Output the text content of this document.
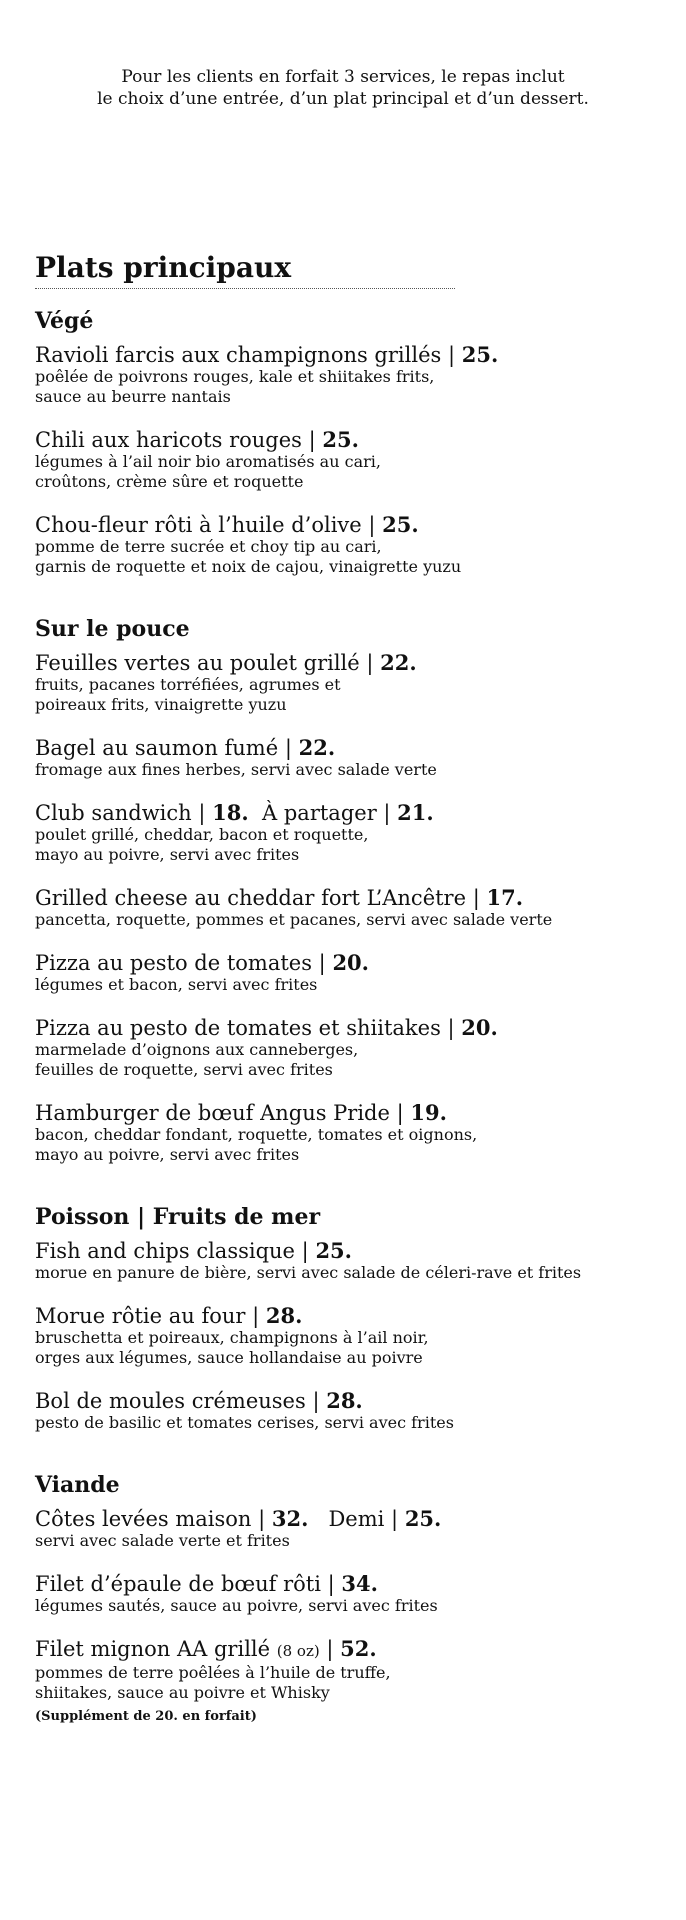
Pour les clients en forfait 3 services, le repas inclut
le choix d’une entrée, d’un plat principal et d’un dessert.
Plats principaux
Végé
Ravioli farcis aux champignons grillés | 25.
poêlée de poivrons rouges, kale et shiitakes frits,
sauce au beurre nantais
Chili aux haricots rouges | 25.
légumes à l’ail noir bio aromatisés au cari,
croûtons, crème sûre et roquette
Chou-fleur rôti à l’huile d’olive | 25.
pomme de terre sucrée et choy tip au cari,
garnis de roquette et noix de cajou, vinaigrette yuzu
Sur le pouce
Feuilles vertes au poulet grillé | 22.
fruits, pacanes torréfiées, agrumes et
poireaux frits, vinaigrette yuzu
Bagel au saumon fumé | 22.
fromage aux fines herbes, servi avec salade verte
Club sandwich | 18. À partager | 21.
poulet grillé, cheddar, bacon et roquette,
mayo au poivre, servi avec frites
Grilled cheese au cheddar fort L’Ancêtre | 17.
pancetta, roquette, pommes et pacanes, servi avec salade verte
Pizza au pesto de tomates | 20.
légumes et bacon, servi avec frites
Pizza au pesto de tomates et shiitakes | 20.
marmelade d’oignons aux canneberges,
feuilles de roquette, servi avec frites
Hamburger de bœuf Angus Pride | 19.
bacon, cheddar fondant, roquette, tomates et oignons,
mayo au poivre, servi avec frites
Poisson | Fruits de mer
Fish and chips classique | 25.
morue en panure de bière, servi avec salade de céleri-rave et frites
Morue rôtie au four | 28.
bruschetta et poireaux, champignons à l’ail noir,
orges aux légumes, sauce hollandaise au poivre
Bol de moules crémeuses | 28.
pesto de basilic et tomates cerises, servi avec frites
Viande
Côtes levées maison | 32. Demi | 25.
servi avec salade verte et frites
Filet d’épaule de bœuf rôti | 34.
légumes sautés, sauce au poivre, servi avec frites
Filet mignon AA grillé (8 oz) | 52.
pommes de terre poêlées à l’huile de truffe,
shiitakes, sauce au poivre et Whisky
(Supplément de 20. en forfait)
